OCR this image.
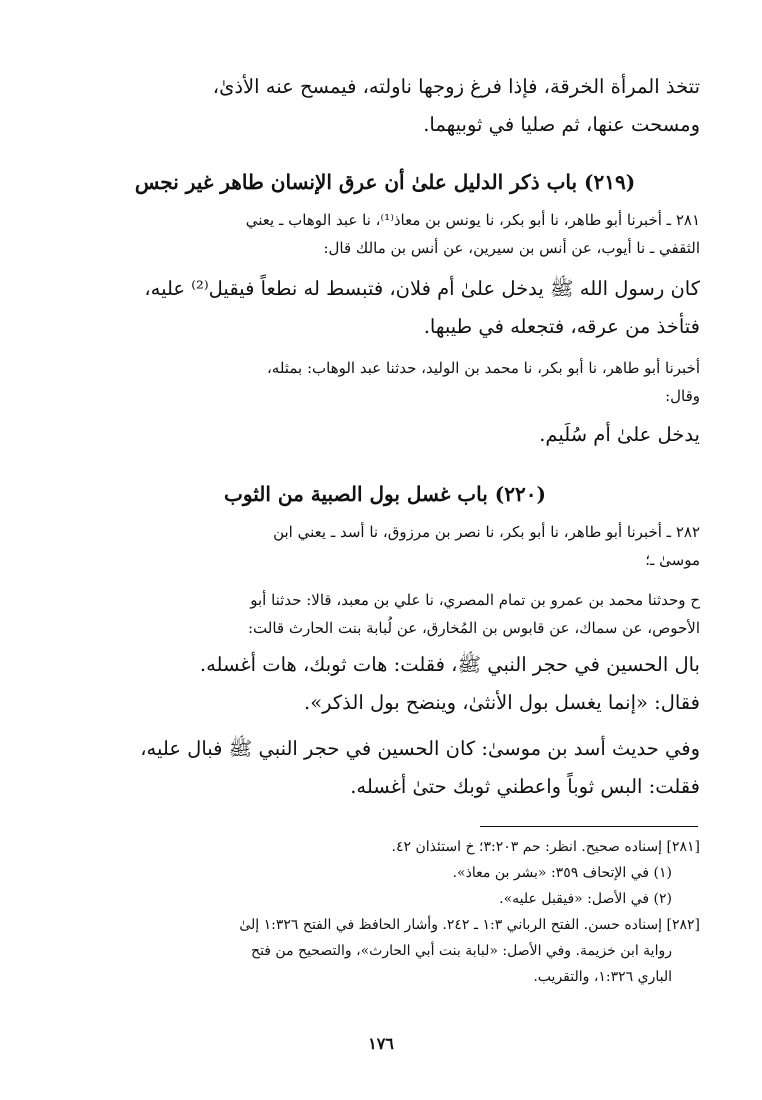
تتخذ المرأة الخرقة، فإذا فرغ زوجها ناولته، فيمسح عنه الأذىٰ،
ومسحت عنها، ثم صليا في ثوبيهما.
(٢١٩) باب ذكر الدليل علىٰ أن عرق الإنسان طاهر غير نجس
٢٨١ ـ أخبرنا أبو طاهر، نا أبو بكر، نا يونس بن معاذ⁽¹⁾، نا عبد الوهاب ـ يعني
الثقفي ـ نا أيوب، عن أنس بن سيرين، عن أنس بن مالك قال:
كان رسول الله ﷺ يدخل علىٰ أم فلان، فتبسط له نطعاً فيقيل⁽²⁾ عليه،
فتأخذ من عرقه، فتجعله في طيبها.
أخبرنا أبو طاهر، نا أبو بكر، نا محمد بن الوليد، حدثنا عبد الوهاب: بمثله،
وقال:
يدخل علىٰ أم سُلَيم.
(٢٢٠) باب غسل بول الصبية من الثوب
٢٨٢ ـ أخبرنا أبو طاهر، نا أبو بكر، نا نصر بن مرزوق، نا أسد ـ يعني ابن
موسىٰ ـ؛
ح وحدثنا محمد بن عمرو بن تمام المصري، نا علي بن معبد، قالا: حدثنا أبو
الأحوص، عن سماك، عن قابوس بن المُخارق، عن لُبابة بنت الحارث قالت:
بال الحسين في حجر النبي ﷺ، فقلت: هات ثوبك، هات أغسله.
فقال: «إنما يغسل بول الأنثىٰ، وينضح بول الذكر».
وفي حديث أسد بن موسىٰ: كان الحسين في حجر النبي ﷺ فبال عليه،
فقلت: البس ثوباً واعطني ثوبك حتىٰ أغسله.
[٢٨١] إسناده صحيح. انظر: حم ٣:٢٠٣؛ خ استئذان ٤٢.
(١) في الإتحاف ٣٥٩: «بشر بن معاذ».
(٢) في الأصل: «فيقبل عليه».
[٢٨٢] إسناده حسن. الفتح الرباني ١:٣ ـ ٢٤٢. وأشار الحافظ في الفتح ١:٣٢٦ إلىٰ
رواية ابن خزيمة. وفي الأصل: «لبابة بنت أبي الحارث»، والتصحيح من فتح
الباري ١:٣٢٦، والتقريب.
١٧٦
